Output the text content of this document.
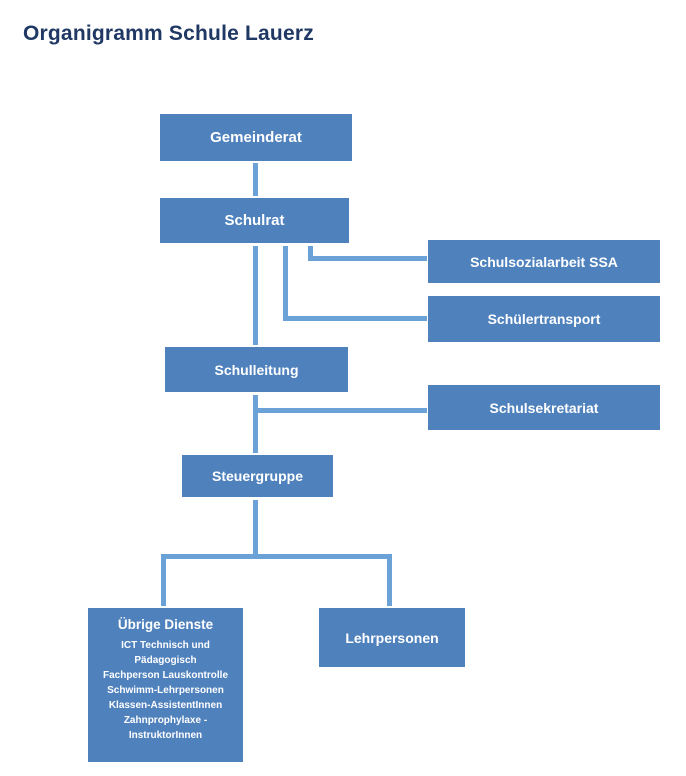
Organigramm Schule Lauerz
Gemeinderat
Schulrat
Schulsozialarbeit SSA
Schülertransport
Schulleitung
Schulsekretariat
Steuergruppe
Übrige Dienste
ICT Technisch und Pädagogisch
Fachperson Lauskontrolle
Schwimm-Lehrpersonen
Klassen-AssistentInnen
Zahnprophylaxe - InstruktorInnen
Lehrpersonen
